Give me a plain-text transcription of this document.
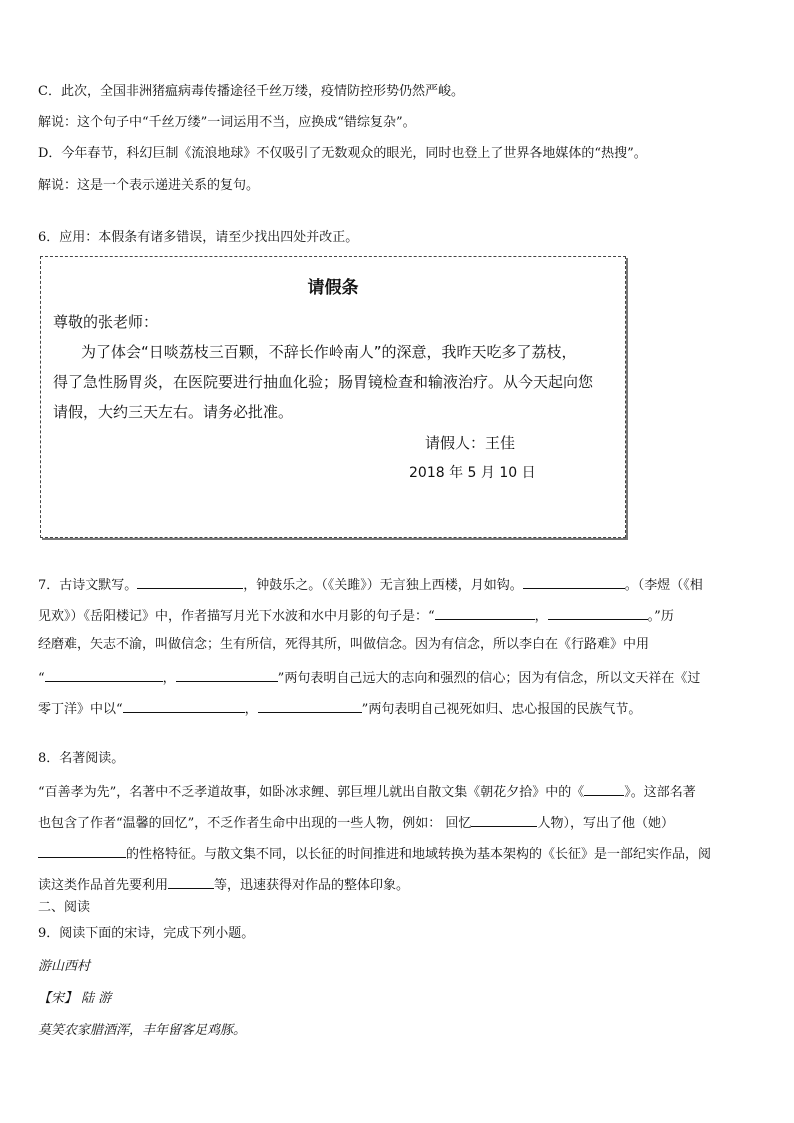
C．此次，全国非洲猪瘟病毒传播途径千丝万缕，疫情防控形势仍然严峻。
解说：这个句子中“千丝万缕”一词运用不当，应换成“错综复杂”。
D．今年春节，科幻巨制《流浪地球》不仅吸引了无数观众的眼光，同时也登上了世界各地媒体的“热搜”。
解说：这是一个表示递进关系的复句。
6．应用：本假条有诸多错误，请至少找出四处并改正。
请假条
尊敬的张老师：
为了体会“日啖荔枝三百颗，不辞长作岭南人”的深意，我昨天吃多了荔枝，
得了急性肠胃炎，在医院要进行抽血化验；肠胃镜检查和输液治疗。从今天起向您
请假，大约三天左右。请务必批准。
请假人：王佳
2018 年 5 月 10 日
7．古诗文默写。	，钟鼓乐之。（《关雎》）无言独上西楼，月如钩。	。（李煜（《相
见欢》）《岳阳楼记》中，作者描写月光下水波和水中月影的句子是：“	，	。”历
经磨难，矢志不渝，叫做信念；生有所信，死得其所，叫做信念。因为有信念，所以李白在《行路难》中用
“	，	”两句表明自己远大的志向和强烈的信心；因为有信念，所以文天祥在《过
零丁洋》中以“	，	”两句表明自己视死如归、忠心报国的民族气节。
8．名著阅读。
“百善孝为先”，名著中不乏孝道故事，如卧冰求鲤、郭巨埋儿就出自散文集《朝花夕拾》中的《	》。这部名著
也包含了作者“温馨的回忆”，不乏作者生命中出现的一些人物，例如： 回忆	人物），写出了他（她）
的性格特征。与散文集不同，以长征的时间推进和地域转换为基本架构的《长征》是一部纪实作品，阅
读这类作品首先要利用	等，迅速获得对作品的整体印象。
二、阅读
9．阅读下面的宋诗，完成下列小题。
游山西村
【宋】 陆 游
莫笑农家腊酒浑，丰年留客足鸡豚。
